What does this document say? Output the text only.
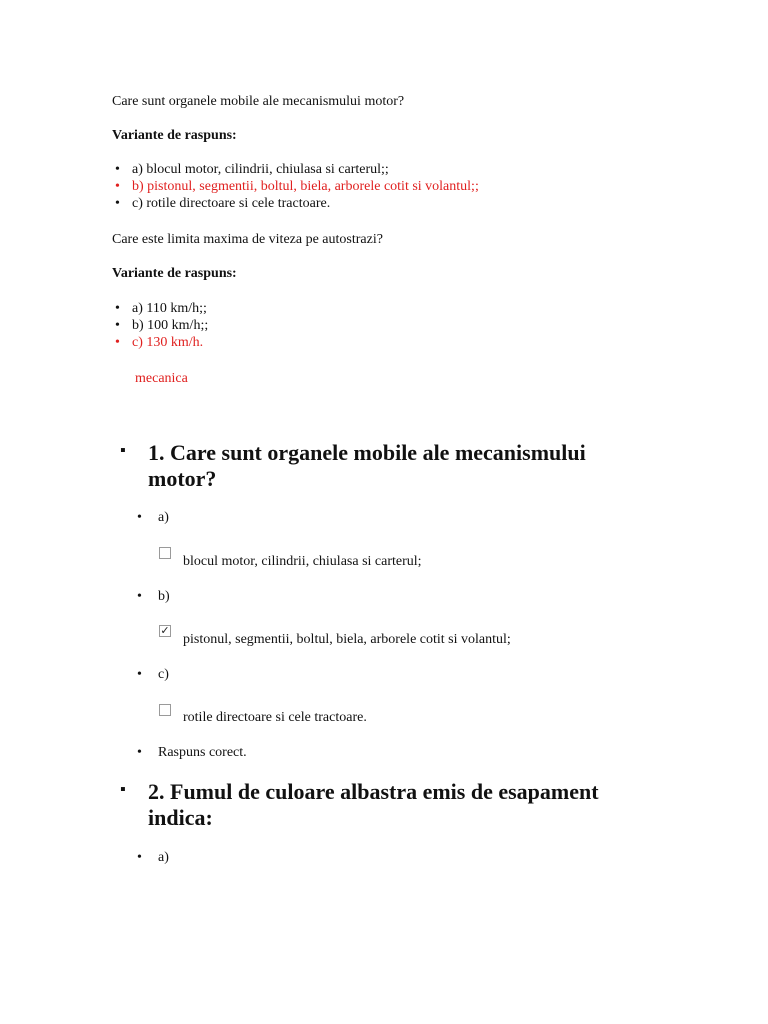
Care sunt organele mobile ale mecanismului motor?
Variante de raspuns:
• a) blocul motor, cilindrii, chiulasa si carterul;;
• b) pistonul, segmentii, boltul, biela, arborele cotit si volantul;;
• c) rotile directoare si cele tractoare.
Care este limita maxima de viteza pe autostrazi?
Variante de raspuns:
• a) 110 km/h;;
• b) 100 km/h;;
• c) 130 km/h.
mecanica
▪	1. Care sunt organele mobile ale mecanismului motor?
• a)
blocul motor, cilindrii, chiulasa si carterul;
• b)
✓
pistonul, segmentii, boltul, biela, arborele cotit si volantul;
• c)
rotile directoare si cele tractoare.
• Raspuns corect.
▪	2. Fumul de culoare albastra emis de esapament indica:
• a)
